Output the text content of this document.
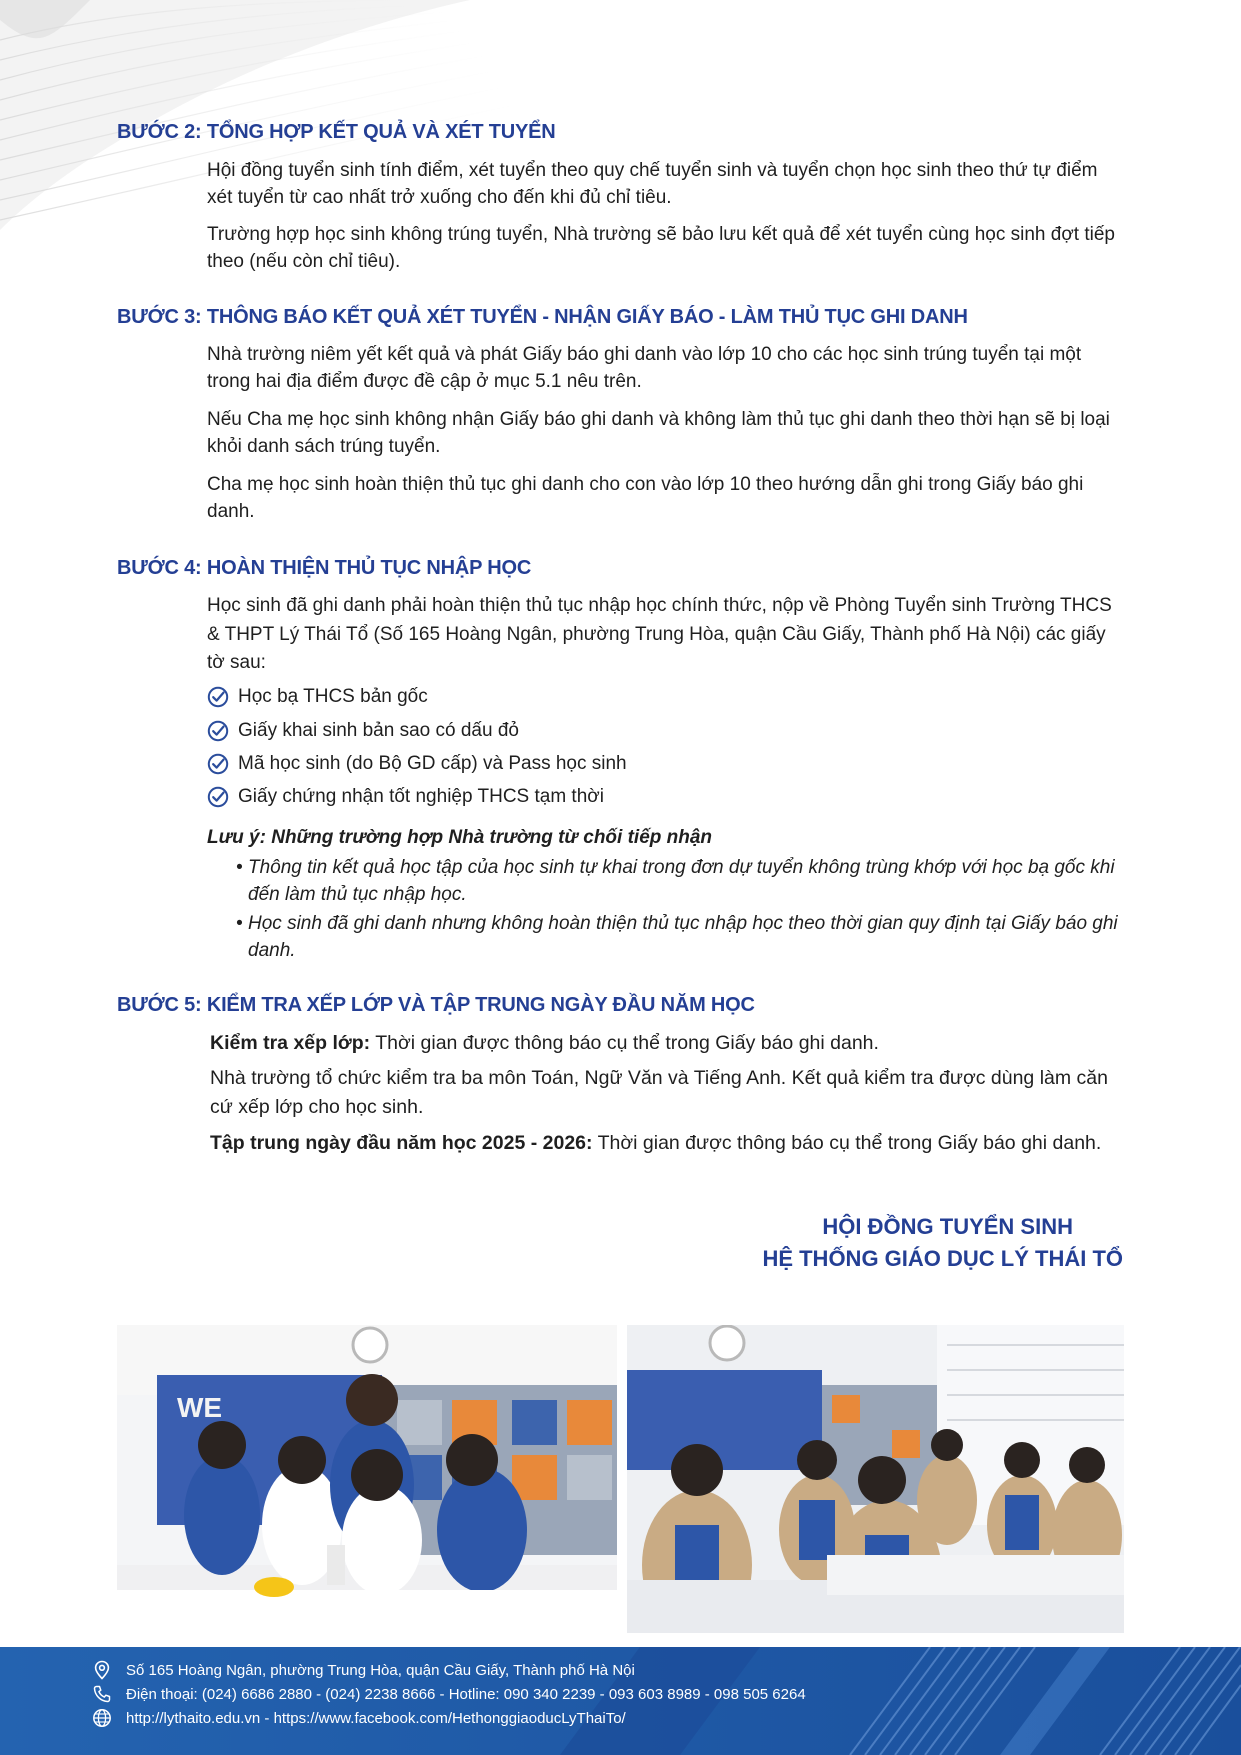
BƯỚC 2: TỔNG HỢP KẾT QUẢ VÀ XÉT TUYỂN
Hội đồng tuyển sinh tính điểm, xét tuyển theo quy chế tuyển sinh và tuyển chọn học sinh theo thứ tự điểm xét tuyển từ cao nhất trở xuống cho đến khi đủ chỉ tiêu.
Trường hợp học sinh không trúng tuyển, Nhà trường sẽ bảo lưu kết quả để xét tuyển cùng học sinh đợt tiếp theo (nếu còn chỉ tiêu).
BƯỚC 3: THÔNG BÁO KẾT QUẢ XÉT TUYỂN - NHẬN GIẤY BÁO - LÀM THỦ TỤC GHI DANH
Nhà trường niêm yết kết quả và phát Giấy báo ghi danh vào lớp 10 cho các học sinh trúng tuyển tại một trong hai địa điểm được đề cập ở mục 5.1 nêu trên.
Nếu Cha mẹ học sinh không nhận Giấy báo ghi danh và không làm thủ tục ghi danh theo thời hạn sẽ bị loại khỏi danh sách trúng tuyển.
Cha mẹ học sinh hoàn thiện thủ tục ghi danh cho con vào lớp 10 theo hướng dẫn ghi trong Giấy báo ghi danh.
BƯỚC 4: HOÀN THIỆN THỦ TỤC NHẬP HỌC
Học sinh đã ghi danh phải hoàn thiện thủ tục nhập học chính thức, nộp về Phòng Tuyển sinh Trường THCS & THPT Lý Thái Tổ (Số 165 Hoàng Ngân, phường Trung Hòa, quận Cầu Giấy, Thành phố Hà Nội) các giấy tờ sau:
Học bạ THCS bản gốc
Giấy khai sinh bản sao có dấu đỏ
Mã học sinh (do Bộ GD cấp) và Pass học sinh
Giấy chứng nhận tốt nghiệp THCS tạm thời
Lưu ý: Những trường hợp Nhà trường từ chối tiếp nhận
• Thông tin kết quả học tập của học sinh tự khai trong đơn dự tuyển không trùng khớp với học bạ gốc khi đến làm thủ tục nhập học.
• Học sinh đã ghi danh nhưng không hoàn thiện thủ tục nhập học theo thời gian quy định tại Giấy báo ghi danh.
BƯỚC 5: KIỂM TRA XẾP LỚP VÀ TẬP TRUNG NGÀY ĐẦU NĂM HỌC
Kiểm tra xếp lớp: Thời gian được thông báo cụ thể trong Giấy báo ghi danh.
Nhà trường tổ chức kiểm tra ba môn Toán, Ngữ Văn và Tiếng Anh. Kết quả kiểm tra được dùng làm căn cứ xếp lớp cho học sinh.
Tập trung ngày đầu năm học 2025 - 2026: Thời gian được thông báo cụ thể trong Giấy báo ghi danh.
HỘI ĐỒNG TUYỂN SINH
HỆ THỐNG GIÁO DỤC LÝ THÁI TỔ
WE
Số 165 Hoàng Ngân, phường Trung Hòa, quận Cầu Giấy, Thành phố Hà Nội
Điện thoại: (024) 6686 2880 - (024) 2238 8666 - Hotline: 090 340 2239 - 093 603 8989 - 098 505 6264
http://lythaito.edu.vn - https://www.facebook.com/HethonggiaoducLyThaiTo/
